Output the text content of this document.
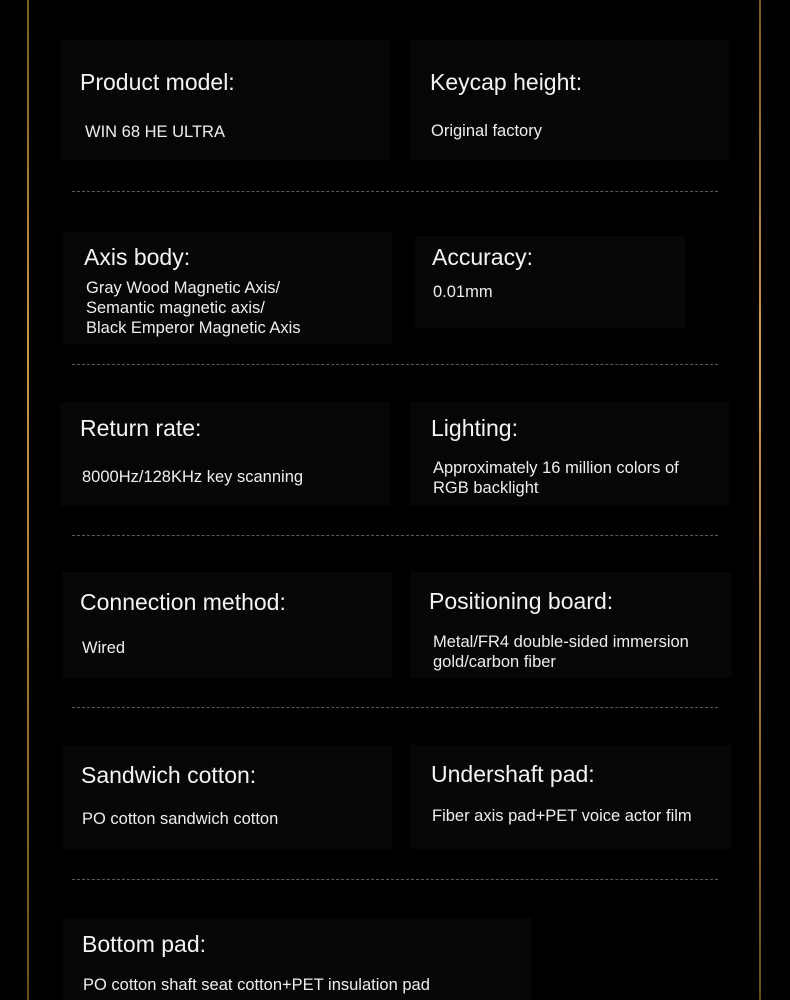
Product model:
WIN 68 HE ULTRA
Keycap height:
Original factory
Axis body:
Gray Wood Magnetic Axis/
Semantic magnetic axis/
Black Emperor Magnetic Axis
Accuracy:
0.01mm
Return rate:
8000Hz/128KHz key scanning
Lighting:
Approximately 16 million colors of
RGB backlight
Connection method:
Wired
Positioning board:
Metal/FR4 double-sided immersion
gold/carbon fiber
Sandwich cotton:
PO cotton sandwich cotton
Undershaft pad:
Fiber axis pad+PET voice actor film
Bottom pad:
PO cotton shaft seat cotton+PET insulation pad
